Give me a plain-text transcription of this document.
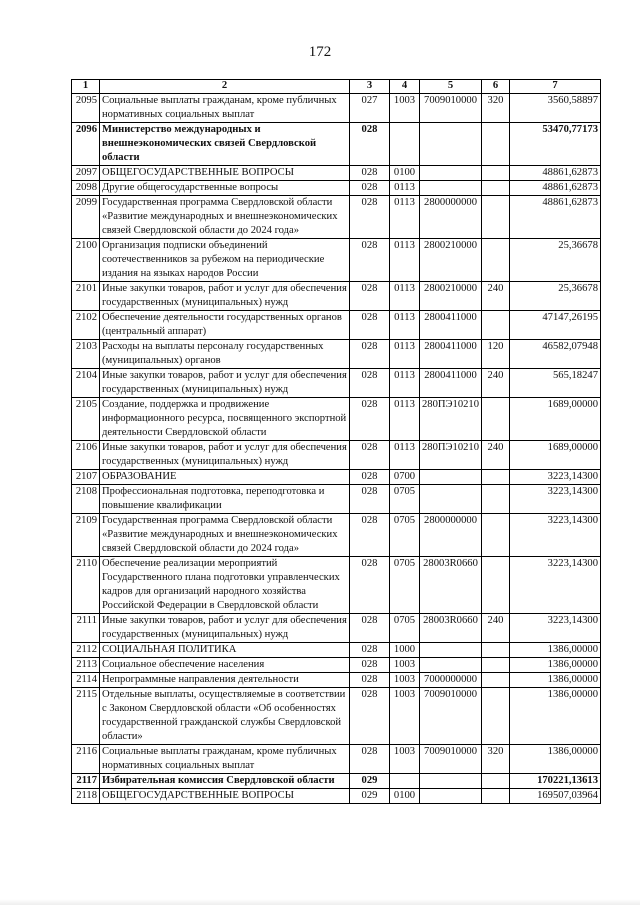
172
1	2	3	4	5	6	7
2095	Социальные выплаты гражданам, кроме публичных нормативных социальных выплат	027	1003	7009010000	320	3560,58897
2096	Министерство международных и внешнеэкономических связей Свердловской области	028				53470,77173
2097	ОБЩЕГОСУДАРСТВЕННЫЕ ВОПРОСЫ	028	0100			48861,62873
2098	Другие общегосударственные вопросы	028	0113			48861,62873
2099	Государственная программа Свердловской области «Развитие международных и внешнеэкономических связей Свердловской области до 2024 года»	028	0113	2800000000		48861,62873
2100	Организация подписки объединений соотечественников за рубежом на периодические издания на языках народов России	028	0113	2800210000		25,36678
2101	Иные закупки товаров, работ и услуг для обеспечения государственных (муниципальных) нужд	028	0113	2800210000	240	25,36678
2102	Обеспечение деятельности государственных органов (центральный аппарат)	028	0113	2800411000		47147,26195
2103	Расходы на выплаты персоналу государственных (муниципальных) органов	028	0113	2800411000	120	46582,07948
2104	Иные закупки товаров, работ и услуг для обеспечения государственных (муниципальных) нужд	028	0113	2800411000	240	565,18247
2105	Создание, поддержка и продвижение информационного ресурса, посвященного экспортной деятельности Свердловской области	028	0113	280ПЭ10210		1689,00000
2106	Иные закупки товаров, работ и услуг для обеспечения государственных (муниципальных) нужд	028	0113	280ПЭ10210	240	1689,00000
2107	ОБРАЗОВАНИЕ	028	0700			3223,14300
2108	Профессиональная подготовка, переподготовка и повышение квалификации	028	0705			3223,14300
2109	Государственная программа Свердловской области «Развитие международных и внешнеэкономических связей Свердловской области до 2024 года»	028	0705	2800000000		3223,14300
2110	Обеспечение реализации мероприятий Государственного плана подготовки управленческих кадров для организаций народного хозяйства Российской Федерации в Свердловской области	028	0705	28003R0660		3223,14300
2111	Иные закупки товаров, работ и услуг для обеспечения государственных (муниципальных) нужд	028	0705	28003R0660	240	3223,14300
2112	СОЦИАЛЬНАЯ ПОЛИТИКА	028	1000			1386,00000
2113	Социальное обеспечение населения	028	1003			1386,00000
2114	Непрограммные направления деятельности	028	1003	7000000000		1386,00000
2115	Отдельные выплаты, осуществляемые в соответствии с Законом Свердловской области «Об особенностях государственной гражданской службы Свердловской области»	028	1003	7009010000		1386,00000
2116	Социальные выплаты гражданам, кроме публичных нормативных социальных выплат	028	1003	7009010000	320	1386,00000
2117	Избирательная комиссия Свердловской области	029				170221,13613
2118	ОБЩЕГОСУДАРСТВЕННЫЕ ВОПРОСЫ	029	0100			169507,03964
